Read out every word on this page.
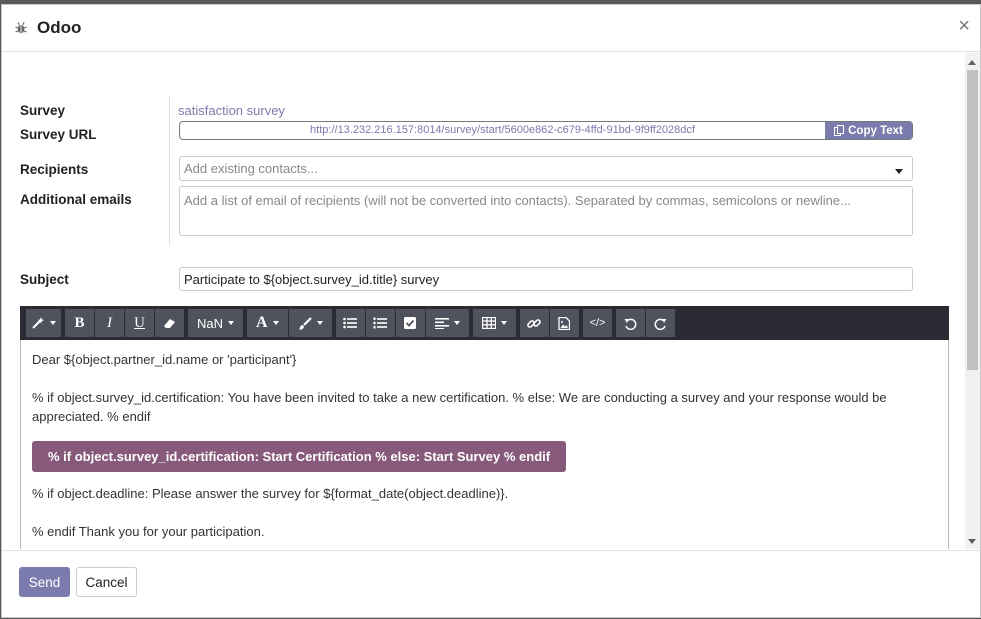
Odoo	×
Survey	satisfaction survey
Survey URL	http://13.232.216.157:8014/survey/start/5600e862-c679-4ffd-91bd-9f9ff2028dcf	Copy Text
Recipients	Add existing contacts...
Additional emails	Add a list of email of recipients (will not be converted into contacts). Separated by commas, semicolons or newline...
Subject	Participate to ${object.survey_id.title} survey
B I U	NaN A	</>

Dear ${object.partner_id.name or 'participant'}

% if object.survey_id.certification: You have been invited to take a new certification. % else: We are conducting a survey and your response would be appreciated. % endif

% if object.survey_id.certification: Start Certification % else: Start Survey % endif

% if object.deadline: Please answer the survey for ${format_date(object.deadline)}.

% endif Thank you for your participation.

Send	Cancel
